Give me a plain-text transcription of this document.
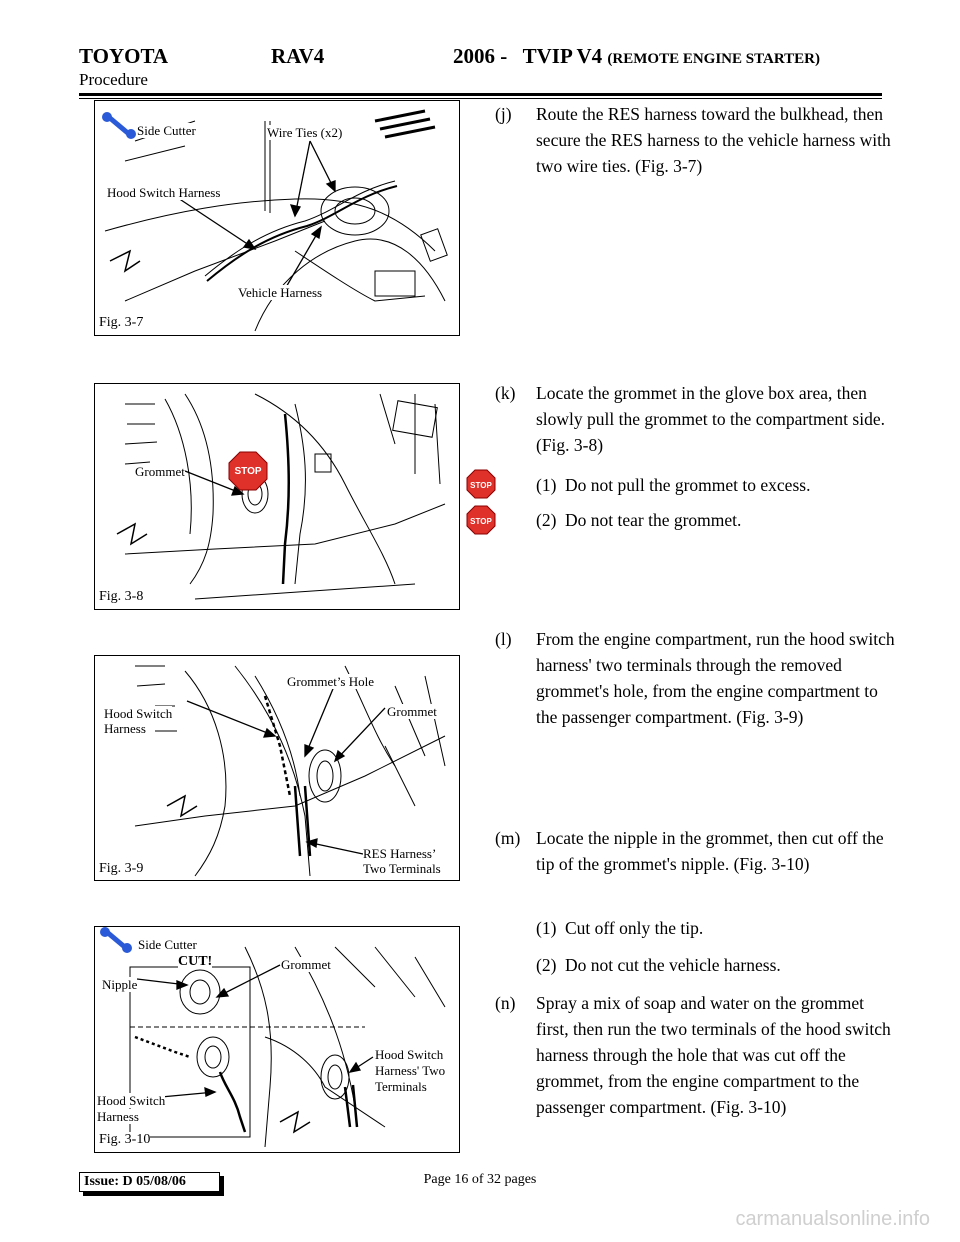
TOYOTA	RAV4	2006 -   TVIP V4 (REMOTE ENGINE STARTER)
Procedure
Side Cutter	Wire Ties (x2)
Hood Switch Harness
Vehicle Harness
Fig. 3-7
STOP
Grommet
Fig. 3-8
Grommet’s Hole
Hood Switch
Harness
Grommet
RES Harness’
Two Terminals
Fig. 3-9
Side Cutter
CUT!	Grommet
Nipple
Hood Switch
Harness' Two
Terminals
Hood Switch
Harness
Fig. 3-10
(j) Route the RES harness toward the bulkhead, then secure the RES harness to the vehicle harness with two wire ties. (Fig. 3-7)
(k) Locate the grommet in the glove box area, then slowly pull the grommet to the compartment side. (Fig. 3-8)
STOP	(1) Do not pull the grommet to excess.
STOP	(2) Do not tear the grommet.
(l) From the engine compartment, run the hood switch harness' two terminals through the removed grommet's hole, from the engine compartment to the passenger compartment. (Fig. 3-9)
(m) Locate the nipple in the grommet, then cut off the tip of the grommet's nipple. (Fig. 3-10)
(1) Cut off only the tip.
(2) Do not cut the vehicle harness.
(n) Spray a mix of soap and water on the grommet first, then run the two terminals of the hood switch harness through the hole that was cut off the grommet, from the engine compartment to the passenger compartment. (Fig. 3-10)
Issue: D 05/08/06	Page 16 of 32 pages
carmanualsonline.info
